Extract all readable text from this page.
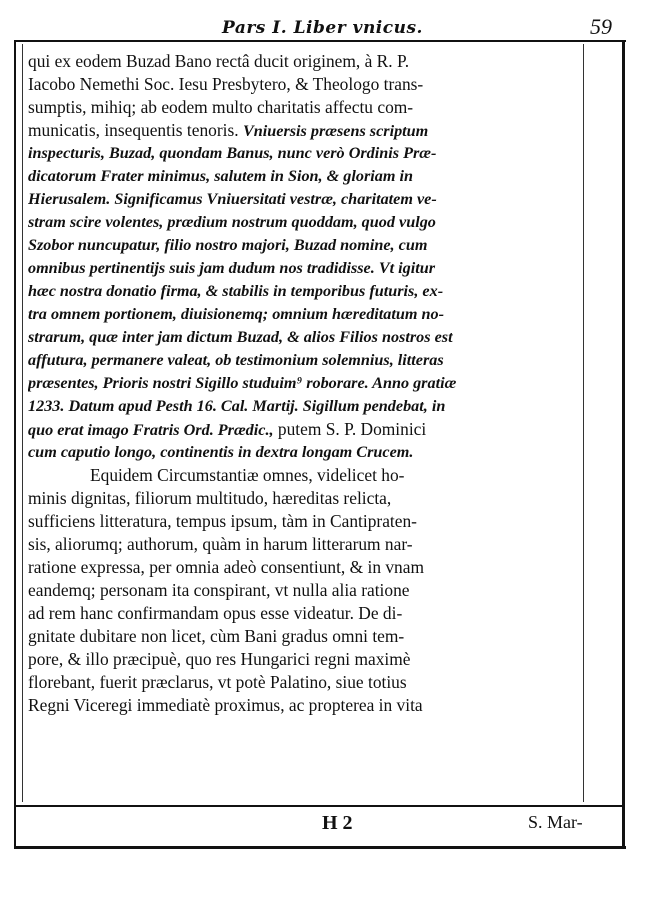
Pars I. Liber vnicus.	59
qui ex eodem Buzad Bano rectâ ducit originem, à R. P.
Iacobo Nemethi Soc. Iesu Presbytero, & Theologo trans-
sumptis, mihiq; ab eodem multo charitatis affectu com-
municatis, insequentis tenoris. Vniuersis præsens scriptum
inspecturis, Buzad, quondam Banus, nunc verò Ordinis Præ-
dicatorum Frater minimus, salutem in Sion, & gloriam in
Hierusalem. Significamus Vniuersitati vestræ, charitatem ve-
stram scire volentes, prædium nostrum quoddam, quod vulgo
Szobor nuncupatur, filio nostro majori, Buzad nomine, cum
omnibus pertinentijs suis jam dudum nos tradidisse. Vt igitur
hæc nostra donatio firma, & stabilis in temporibus futuris, ex-
tra omnem portionem, diuisionemq; omnium hæreditatum no-
strarum, quæ inter jam dictum Buzad, & alios Filios nostros est
affutura, permanere valeat, ob testimonium solemnius, litteras
præsentes, Prioris nostri Sigillo studuim⁹ roborare. Anno gratiæ
1233. Datum apud Pesth 16. Cal. Martij. Sigillum pendebat, in
quo erat imago Fratris Ord. Prædic., putem S. P. Dominici
cum caputio longo, continentis in dextra longam Crucem.
Equidem Circumstantiæ omnes, videlicet ho-
minis dignitas, filiorum multitudo, hæreditas relicta,
sufficiens litteratura, tempus ipsum, tàm in Cantipraten-
sis, aliorumq; authorum, quàm in harum litterarum nar-
ratione expressa, per omnia adeò consentiunt, & in vnam
eandemq; personam ita conspirant, vt nulla alia ratione
ad rem hanc confirmandam opus esse videatur. De di-
gnitate dubitare non licet, cùm Bani gradus omni tem-
pore, & illo præcipuè, quo res Hungarici regni maximè
florebant, fuerit præclarus, vt potè Palatino, siue totius
Regni Viceregi immediatè proximus, ac propterea in vita
H 2	S. Mar-
